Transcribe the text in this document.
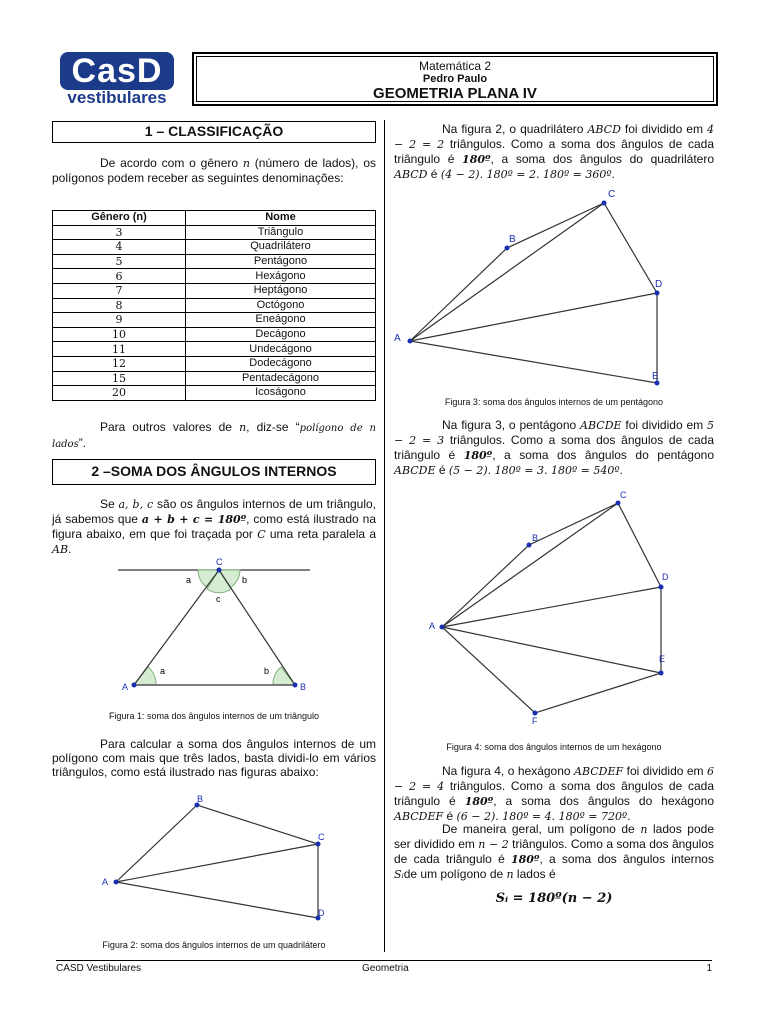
CasD
vestibulares
Matemática 2
Pedro Paulo
GEOMETRIA PLANA IV
1 – CLASSIFICAÇÃO
De acordo com o gênero n (número de lados), os polígonos podem receber as seguintes denominações:
Gênero (n)	Nome
3	Triângulo
4	Quadrilátero
5	Pentágono
6	Hexágono
7	Heptágono
8	Octógono
9	Eneágono
10	Decágono
11	Undecágono
12	Dodecágono
15	Pentadecágono
20	Icoságono
Para outros valores de n, diz-se “polígono de n lados”.
2 –SOMA DOS ÂNGULOS INTERNOS
Se a, b, c são os ângulos internos de um triângulo, já sabemos que a + b + c = 180º, como está ilustrado na figura abaixo, em que foi traçada por C uma reta paralela a AB.
A	B
C
a	b
c
a	b
Figura 1: soma dos ângulos internos de um triângulo
Para calcular a soma dos ângulos internos de um polígono com mais que três lados, basta dividi-lo em vários triângulos, como está ilustrado nas figuras abaixo:
A
B
C
D
Figura 2: soma dos ângulos internos de um quadrilátero
Na figura 2, o quadrilátero ABCD foi dividido em 4 − 2 = 2 triângulos. Como a soma dos ângulos de cada triângulo é 180º, a soma dos ângulos do quadrilátero ABCD é (4 − 2). 180º = 2. 180º = 360º.
A
B
C
D
E
Figura 3: soma dos ângulos internos de um pentágono
Na figura 3, o pentágono ABCDE foi dividido em 5 − 2 = 3 triângulos. Como a soma dos ângulos de cada triângulo é 180º, a soma dos ângulos do pentágono ABCDE é (5 − 2). 180º = 3. 180º = 540º.
A
B
C
D
E
F
Figura 4: soma dos ângulos internos de um hexágono
Na figura 4, o hexágono ABCDEF foi dividido em 6 − 2 = 4 triângulos. Como a soma dos ângulos de cada triângulo é 180º, a soma dos ângulos do hexágono ABCDEF é (6 − 2). 180º = 4. 180º = 720º.
De maneira geral, um polígono de n lados pode ser dividido em n − 2 triângulos. Como a soma dos ângulos de cada triângulo é 180º, a soma dos ângulos internos Sᵢde um polígono de n lados é
Sᵢ = 180º(n − 2)
CASD Vestibulares	Geometria	1
